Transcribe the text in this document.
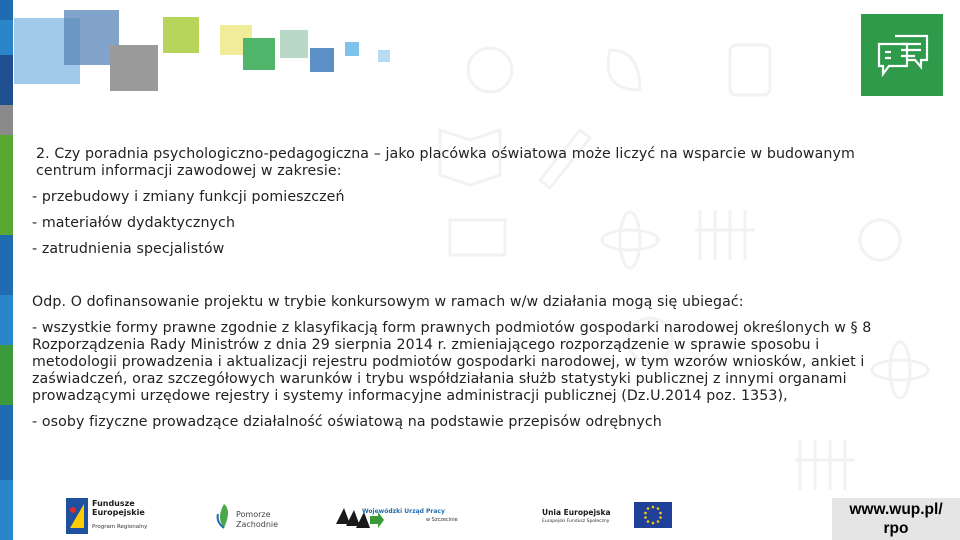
2. Czy poradnia psychologiczno-pedagogiczna – jako placówka oświatowa może liczyć na wsparcie w budowanym centrum informacji zawodowej w zakresie:

- przebudowy i zmiany funkcji pomieszczeń

- materiałów dydaktycznych

- zatrudnienia specjalistów

Odp. O dofinansowanie projektu w trybie konkursowym w ramach w/w działania mogą się ubiegać:

- wszystkie formy prawne zgodnie z klasyfikacją form prawnych podmiotów gospodarki narodowej określonych w § 8 Rozporządzenia Rady Ministrów z dnia 29 sierpnia 2014 r. zmieniającego rozporządzenie w sprawie sposobu i metodologii prowadzenia i aktualizacji rejestru podmiotów gospodarki narodowej, w tym wzorów wniosków, ankiet i zaświadczeń, oraz szczegółowych warunków i trybu współdziałania służb statystyki publicznej z innymi organami prowadzącymi urzędowe rejestry i systemy informacyjne administracji publicznej (Dz.U.2014 poz. 1353),

- osoby fizyczne prowadzące działalność oświatową na podstawie przepisów odrębnych

Fundusze
Europejskie
Program Regionalny
Pomorze
Zachodnie
Wojewódzki Urząd Pracy
w Szczecinie
Unia Europejska
Europejski Fundusz Społeczny
www.wup.pl/
rpo
